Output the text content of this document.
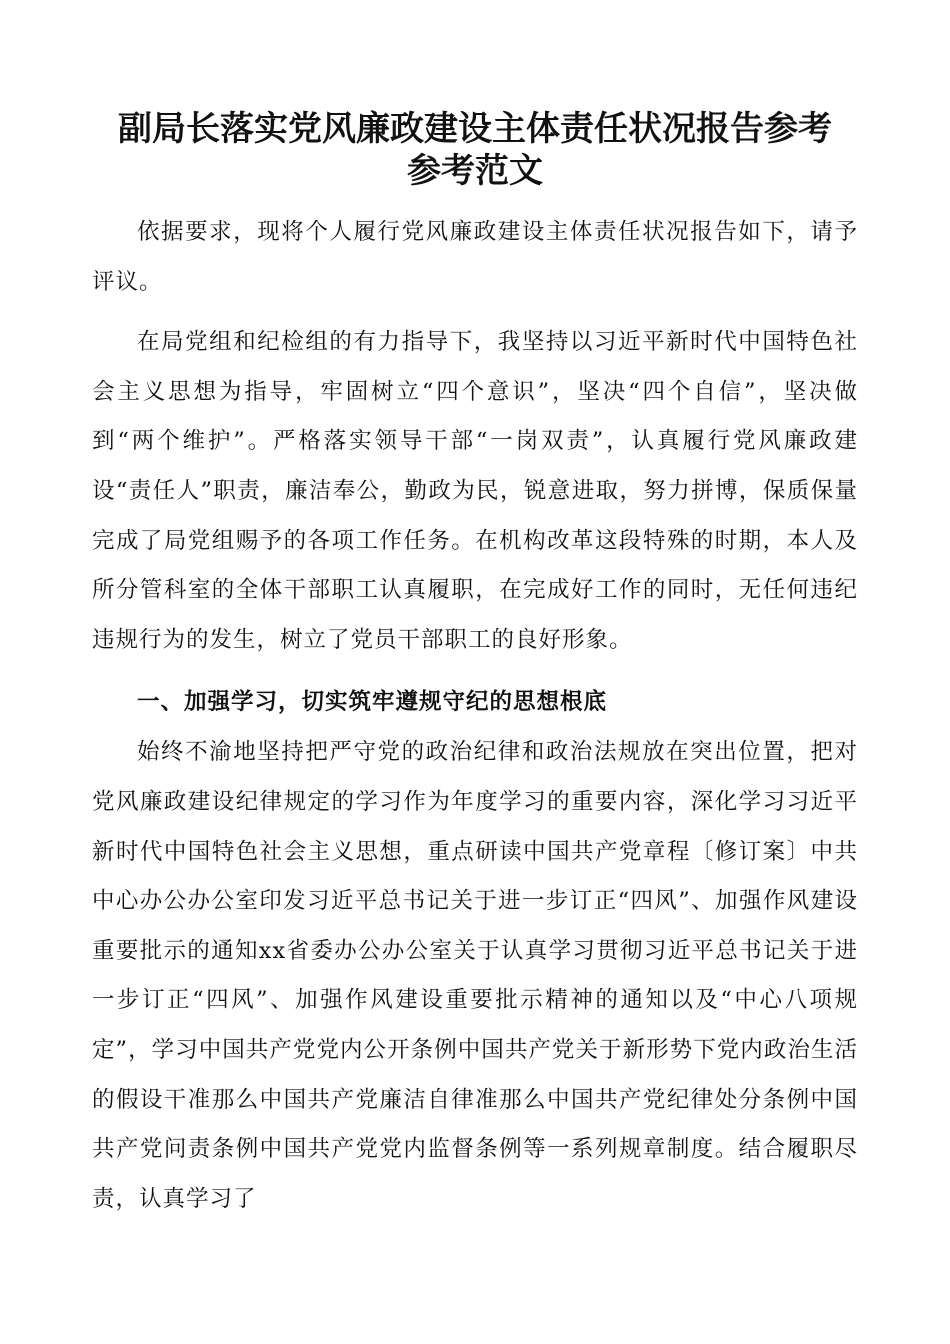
副局长落实党风廉政建设主体责任状况报告参考
参考范文

依据要求，现将个人履行党风廉政建设主体责任状况报告如下，请予评议。

在局党组和纪检组的有力指导下，我坚持以习近平新时代中国特色社会主义思想为指导，牢固树立“四个意识”，坚决“四个自信”，坚决做到“两个维护”。严格落实领导干部“一岗双责”，认真履行党风廉政建设“责任人”职责，廉洁奉公，勤政为民，锐意进取，努力拼博，保质保量完成了局党组赐予的各项工作任务。在机构改革这段特殊的时期，本人及所分管科室的全体干部职工认真履职，在完成好工作的同时，无任何违纪违规行为的发生，树立了党员干部职工的良好形象。

一、加强学习，切实筑牢遵规守纪的思想根底

始终不渝地坚持把严守党的政治纪律和政治法规放在突出位置，把对党风廉政建设纪律规定的学习作为年度学习的重要内容，深化学习习近平新时代中国特色社会主义思想，重点研读中国共产党章程〔修订案〕中共中心办公办公室印发习近平总书记关于进一步订正“四风”、加强作风建设重要批示的通知xx省委办公办公室关于认真学习贯彻习近平总书记关于进一步订正“四风”、加强作风建设重要批示精神的通知以及“中心八项规定”，学习中国共产党党内公开条例中国共产党关于新形势下党内政治生活的假设干准那么中国共产党廉洁自律准那么中国共产党纪律处分条例中国共产党问责条例中国共产党党内监督条例等一系列规章制度。结合履职尽责，认真学习了
